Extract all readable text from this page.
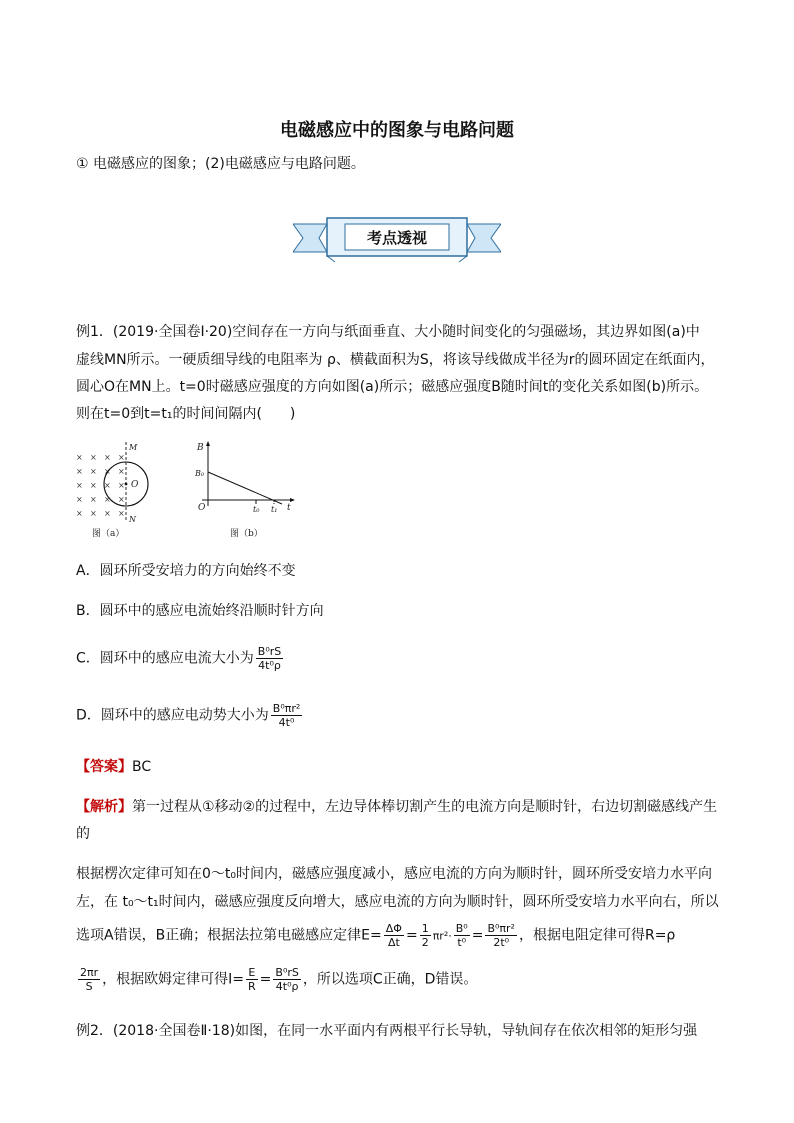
电磁感应中的图象与电路问题
① 电磁感应的图象；(2)电磁感应与电路问题。
考点透视
例1．(2019·全国卷Ⅰ·20)空间存在一方向与纸面垂直、大小随时间变化的匀强磁场，其边界如图(a)中
虚线MN所示。一硬质细导线的电阻率为 ρ、横截面积为S，将该导线做成半径为r的圆环固定在纸面内，
圆心O在MN上。t=0时磁感应强度的方向如图(a)所示；磁感应强度B随时间t的变化关系如图(b)所示。
则在t=0到t=t₁的时间间隔内(　　)
× × × ×
× × × ×
× × × ×
× × × ×
× × × ×
M
O
N
图（a）
B
B₀
O	t₀ t₁ t
图（b）
A．圆环所受安培力的方向始终不变
B．圆环中的感应电流始终沿顺时针方向
C．圆环中的感应电流大小为 $\frac{\text{B⁰rS}}{\text{4t⁰ρ}}$
D．圆环中的感应电动势大小为 $\frac{\text{B⁰πr²}}{\text{4t⁰}}$
【答案】BC
【解析】第一过程从①移动②的过程中，左边导体棒切割产生的电流方向是顺时针，右边切割磁感线产生
的
根据楞次定律可知在0～t₀时间内，磁感应强度减小，感应电流的方向为顺时针，圆环所受安培力水平向
左，在 t₀～t₁时间内，磁感应强度反向增大，感应电流的方向为顺时针，圆环所受安培力水平向右，所以
选项A错误，B正确；根据法拉第电磁感应定律$E= \frac{\Delta\Phi}{\Delta t} = \frac{1}{2} \pi r^2\cdot \frac{\text{B⁰}}{\text{t⁰}} = \frac{\text{B⁰πr²}}{\text{2t⁰}}$ ，根据电阻定律可得R=ρ
$\frac{2\pi r}{S}$ ，根据欧姆定律可得$I= \frac{E}{R} = \frac{\text{B⁰rS}}{\text{4t⁰ρ}}$ ，所以选项C正确，D错误。
例2．(2018·全国卷Ⅱ·18)如图，在同一水平面内有两根平行长导轨，导轨间存在依次相邻的矩形匀强
